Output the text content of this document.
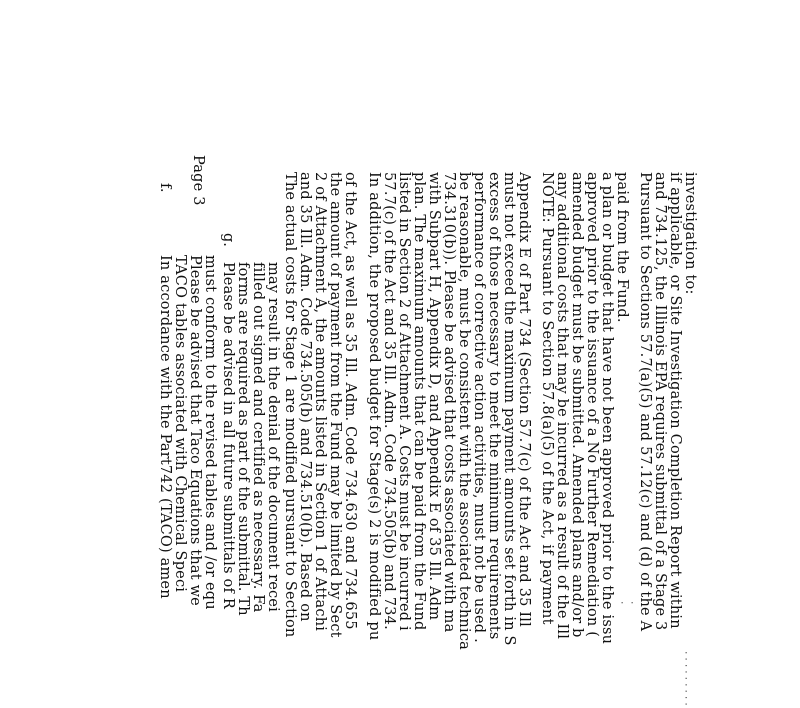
· ·
·········
Page 3
f.
In accordance with the Part742 (TACO) amen TACO tables associated with Chemical Speci Please be advised that Taco Equations that we must conform to the revised tables and /or equ
g.
Please be advised in all future submittals of R forms are required as part of the submittal. Th filled out signed and certified as necessary. Fa may result in the denial of the document recei The actual costs for Stage 1 are modified pursuant to Section and 35 Ill. Adm. Code 734.505(b) and 734.510(b). Based on 2 of Attachment A, the amounts listed in Section 1 of Attachi the amount of payment from the Fund may be limited by Sect of the Act, as well as 35 Ill. Adm. Code 734.630 and 734.655 In addition, the proposed budget for Stage(s) 2 is modified pu 57.7(c) of the Act and 35 Ill. Adm. Code 734.505(b) and 734. listed in Section 2 of Attachment A. Costs must be incurred i plan. The maximum amounts that can be paid from the Fund with Subpart H, Appendix D, and Appendix E of 35 Ill. Adm 734.310(b)). Please be advised that costs associated with ma be reasonable, must be consistent with the associated technica performance of corrective action activities, must not be used . excess of those necessary to meet the minimum requirements must not exceed the maximum payment amounts set forth in S Appendix E of Part 734 (Section 57.7(c) of the Act and 35 Ill NOTE: Pursuant to Section 57.8(a)(5) of the Act, if payment any additional costs that may be incurred as a result of the Ill amended budget must be submitted. Amended plans and/or b approved prior to the issuance of a No Further Remediation ( a plan or budget that have not been approved prior to the issu paid from the Fund. Pursuant to Sections 57.7(a)(5) and 57.12(c) and (d) of the A and 734.125, the Illinois EPA requires submittal of a Stage 3 if applicable, or Site Investigation Completion Report within investigation to:
